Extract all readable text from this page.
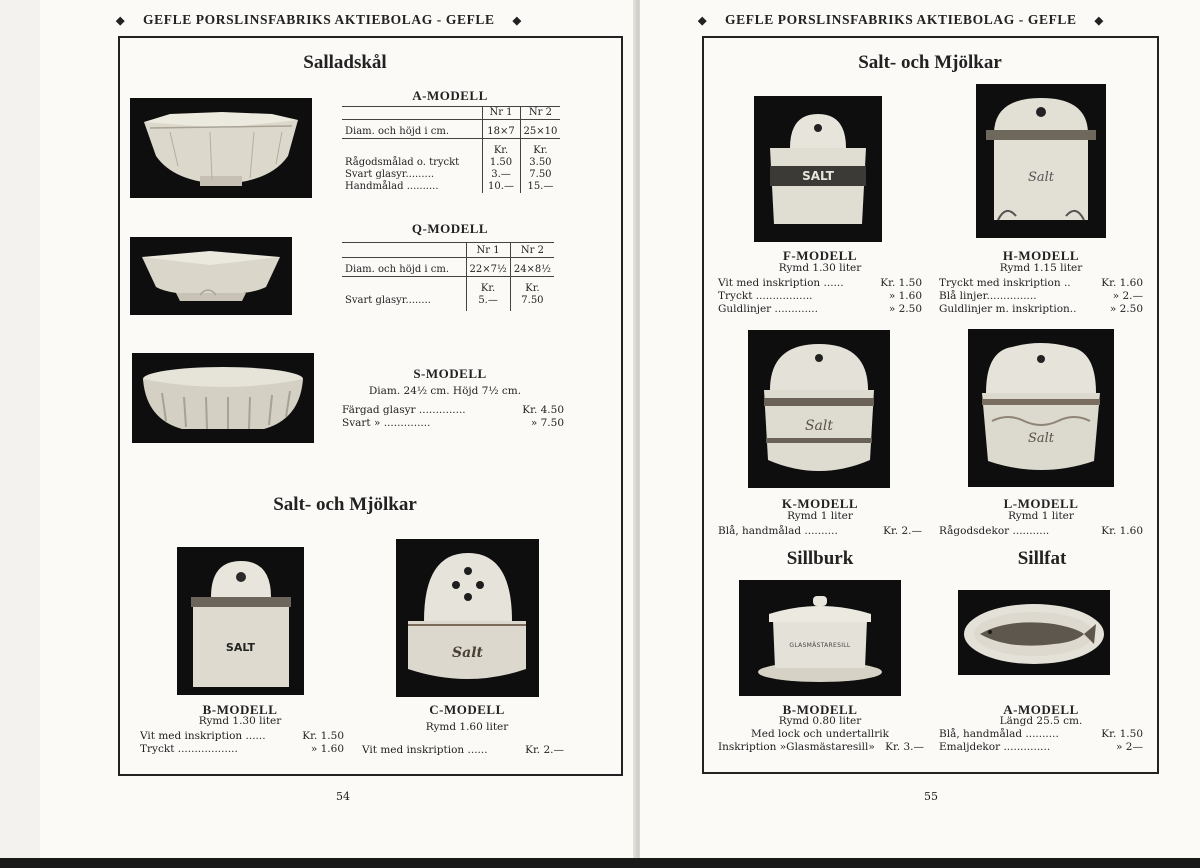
◆ GEFLE PORSLINSFABRIKS AKTIEBOLAG - GEFLE ◆
Salladskål
A-MODELL
	Nr 1	Nr 2
Diam. och höjd i cm.	18×7	25×10
	Kr.	Kr.
Rågodsmålad o. tryckt	1.50	3.50
Svart glasyr.........	3.—	7.50
Handmålad ..........	10.—	15.—
Q-MODELL
	Nr 1	Nr 2
Diam. och höjd i cm.	22×7½	24×8½
	Kr.	Kr.
Svart glasyr........	5.—	7.50
S-MODELL
Diam. 24½ cm. Höjd 7½ cm.
Färgad glasyr ..............	Kr. 4.50
Svart » ..............	» 7.50
Salt- och Mjölkar
SALT
B-MODELL
Rymd 1.30 liter
Vit med inskription ......	Kr. 1.50
Tryckt ..................	» 1.60
Salt
C-MODELL
Rymd 1.60 liter
Vit med inskription ......	Kr. 2.—
54
◆ GEFLE PORSLINSFABRIKS AKTIEBOLAG - GEFLE ◆
Salt- och Mjölkar
SALT
F-MODELL
Rymd 1.30 liter
Vit med inskription ......	Kr. 1.50
Tryckt .................	» 1.60
Guldlinjer .............	» 2.50
Salt
H-MODELL
Rymd 1.15 liter
Tryckt med inskription ..	Kr. 1.60
Blå linjer...............	» 2.—
Guldlinjer m. inskription..	» 2.50
Salt
K-MODELL
Rymd 1 liter
Blå, handmålad ..........	Kr. 2.—
Salt
L-MODELL
Rymd 1 liter
Rågodsdekor ...........	Kr. 1.60
Sillburk	Sillfat
GLASMÄSTARESILL
B-MODELL
Rymd 0.80 liter
Med lock och undertallrik
Inskription »Glasmästaresill» Kr. 3.—
A-MODELL
Längd 25.5 cm.
Blå, handmålad ..........	Kr. 1.50
Emaljdekor ..............	» 2—
55
